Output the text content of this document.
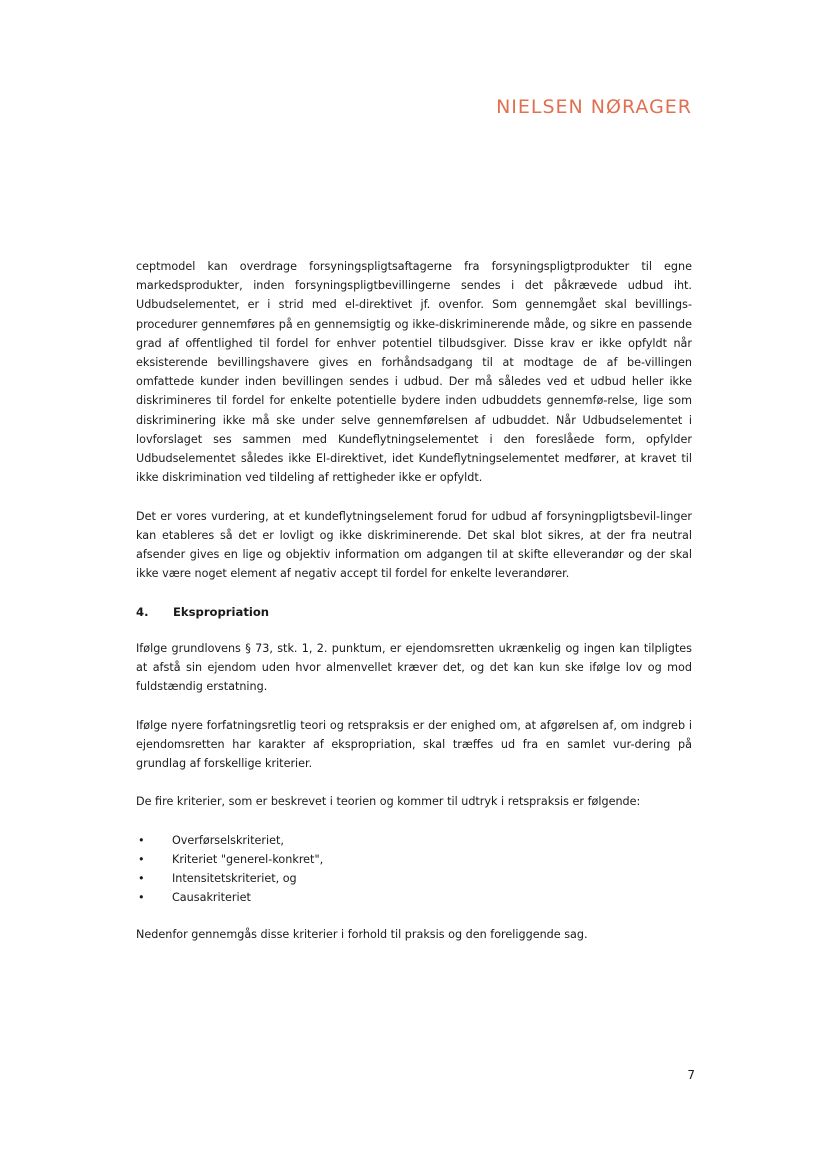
NIELSEN NØRAGER

ceptmodel kan overdrage forsyningspligtsaftagerne fra forsyningspligtprodukter til egne markedsprodukter, inden forsyningspligtbevillingerne sendes i det påkrævede udbud iht. Udbudselementet, er i strid med el-direktivet jf. ovenfor. Som gennemgået skal bevillings-procedurer gennemføres på en gennemsigtig og ikke-diskriminerende måde, og sikre en passende grad af offentlighed til fordel for enhver potentiel tilbudsgiver. Disse krav er ikke opfyldt når eksisterende bevillingshavere gives en forhåndsadgang til at modtage de af be-villingen omfattede kunder inden bevillingen sendes i udbud. Der må således ved et udbud heller ikke diskrimineres til fordel for enkelte potentielle bydere inden udbuddets gennemfø-relse, lige som diskriminering ikke må ske under selve gennemførelsen af udbuddet. Når Udbudselementet i lovforslaget ses sammen med Kundeflytningselementet i den foreslåede form, opfylder Udbudselementet således ikke El-direktivet, idet Kundeflytningselementet medfører, at kravet til ikke diskrimination ved tildeling af rettigheder ikke er opfyldt.

Det er vores vurdering, at et kundeflytningselement forud for udbud af forsyningpligtsbevil-linger kan etableres så det er lovligt og ikke diskriminerende. Det skal blot sikres, at der fra neutral afsender gives en lige og objektiv information om adgangen til at skifte elleverandør og der skal ikke være noget element af negativ accept til fordel for enkelte leverandører.

4.	Ekspropriation

Ifølge grundlovens § 73, stk. 1, 2. punktum, er ejendomsretten ukrænkelig og ingen kan tilpligtes at afstå sin ejendom uden hvor almenvellet kræver det, og det kan kun ske ifølge lov og mod fuldstændig erstatning.

Ifølge nyere forfatningsretlig teori og retspraksis er der enighed om, at afgørelsen af, om indgreb i ejendomsretten har karakter af ekspropriation, skal træffes ud fra en samlet vur-dering på grundlag af forskellige kriterier.

De fire kriterier, som er beskrevet i teorien og kommer til udtryk i retspraksis er følgende:

•	Overførselskriteriet,
•	Kriteriet "generel-konkret",
•	Intensitetskriteriet, og
•	Causakriteriet

Nedenfor gennemgås disse kriterier i forhold til praksis og den foreliggende sag.

7
